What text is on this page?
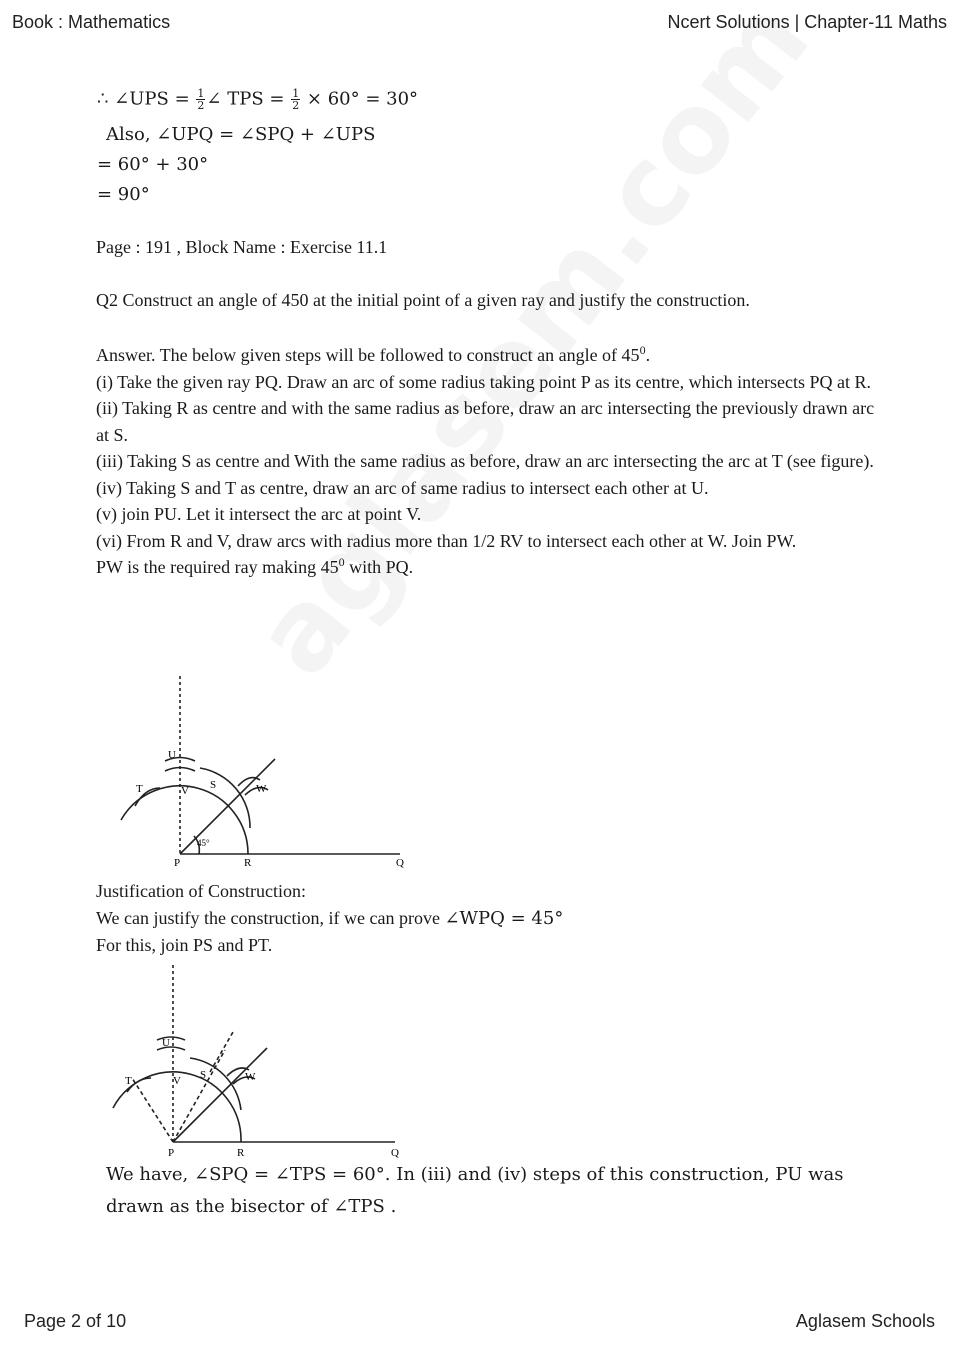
Book : Mathematics	Ncert Solutions | Chapter-11 Maths
∴ ∠UPS = $\frac{1}{2}$ ∠ TPS = $\frac{1}{2} \times 60^\circ = 30^\circ$
Also, ∠UPQ = ∠SPQ + ∠UPS
= 60° + 30°
= 90°
Page : 191 , Block Name : Exercise 11.1
Q2 Construct an angle of 450 at the initial point of a given ray and justify the construction.

Answer. The below given steps will be followed to construct an angle of $45^0$.

(i) Take the given ray PQ. Draw an arc of some radius taking point P as its centre, which intersects PQ at R.

(ii) Taking R as centre and with the same radius as before, draw an arc intersecting the previously drawn arc at S.

(iii) Taking S as centre and With the same radius as before, draw an arc intersecting the arc at T (see figure).

(iv) Taking S and T as centre, draw an arc of same radius to intersect each other at U.

(v) join PU. Let it intersect the arc at point V.

(vi) From R and V, draw arcs with radius more than 1/2 RV to intersect each other at W. Join PW.

PW is the required ray making $45^0$ with PQ.

P	R	Q
S
T
U
V	W
45°

Justification of Construction:

We can justify the construction, if we can prove ∠WPQ = 45°

For this, join PS and PT.

P	R	Q
S
T
U
V	W
We have, ∠SPQ = ∠TPS = 60°. In (iii) and (iv) steps of this construction, PU was
drawn as the bisector of ∠TPS .
Page 2 of 10	Aglasem Schools
